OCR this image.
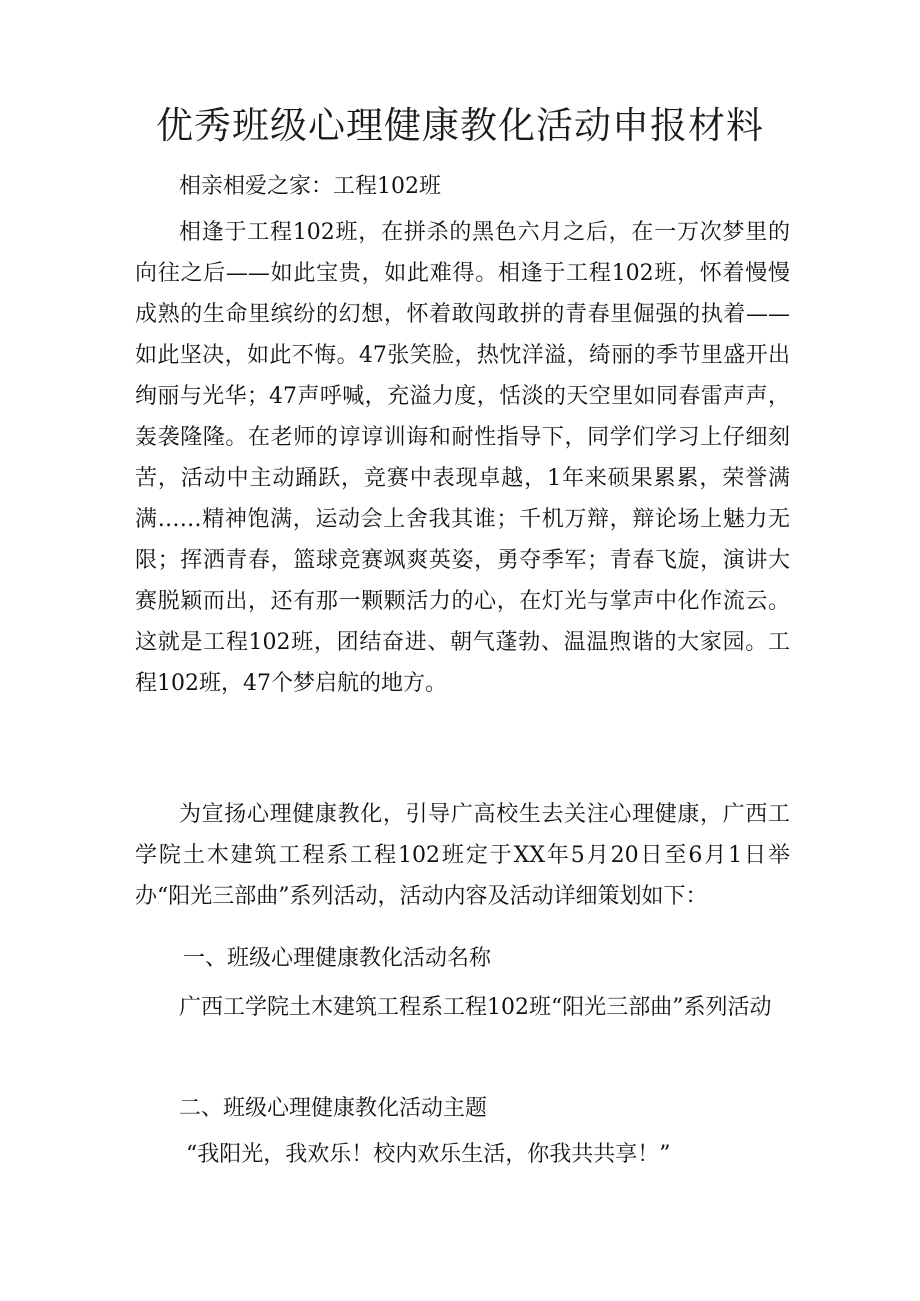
优秀班级心理健康教化活动申报材料
相亲相爱之家：工程102班

相逢于工程102班，在拼杀的黑色六月之后，在一万次梦里的向往之后——如此宝贵，如此难得。相逢于工程102班，怀着慢慢成熟的生命里缤纷的幻想，怀着敢闯敢拼的青春里倔强的执着——如此坚决，如此不悔。47张笑脸，热忱洋溢，绮丽的季节里盛开出绚丽与光华；47声呼喊，充溢力度，恬淡的天空里如同春雷声声，轰袭隆隆。在老师的谆谆训诲和耐性指导下，同学们学习上仔细刻苦，活动中主动踊跃，竞赛中表现卓越，1年来硕果累累，荣誉满满……精神饱满，运动会上舍我其谁；千机万辩，辩论场上魅力无限；挥洒青春，篮球竞赛飒爽英姿，勇夺季军；青春飞旋，演讲大赛脱颖而出，还有那一颗颗活力的心，在灯光与掌声中化作流云。这就是工程102班，团结奋进、朝气蓬勃、温温煦谐的大家园。工程102班，47个梦启航的地方。

为宣扬心理健康教化，引导广高校生去关注心理健康，广西工学院土木建筑工程系工程102班定于XX年5月20日至6月1日举办“阳光三部曲”系列活动，活动内容及活动详细策划如下：

一、班级心理健康教化活动名称

广西工学院土木建筑工程系工程102班“阳光三部曲”系列活动

二、班级心理健康教化活动主题
“我阳光，我欢乐！校内欢乐生活，你我共共享！”
